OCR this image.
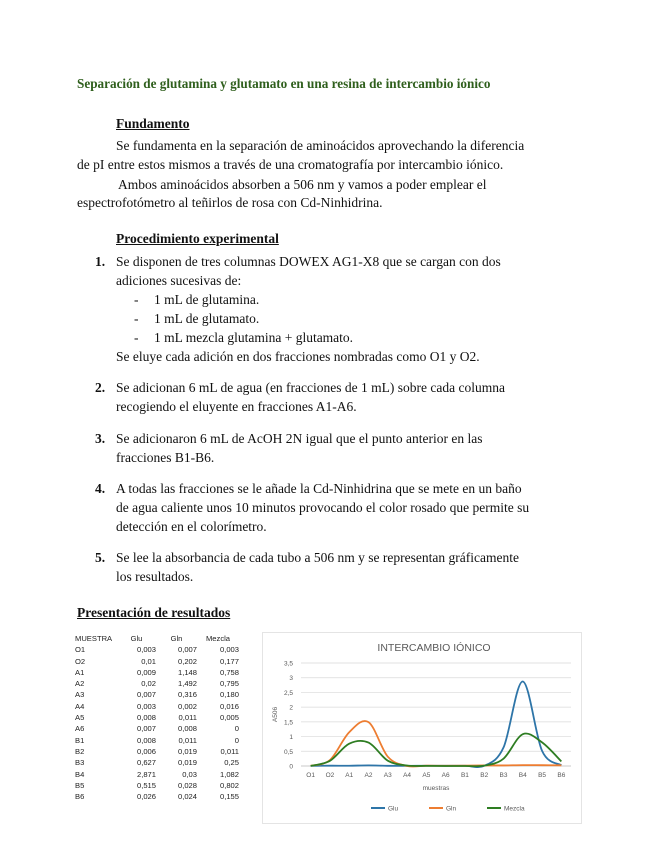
Separación de glutamina y glutamato en una resina de intercambio iónico
Fundamento
Se fundamenta en la separación de aminoácidos aprovechando la diferencia
de pI entre estos mismos a través de una cromatografía por intercambio iónico.
Ambos aminoácidos absorben a 506 nm y vamos a poder emplear el
espectrofotómetro al teñirlos de rosa con Cd-Ninhidrina.
Procedimiento experimental
1. Se disponen de tres columnas DOWEX AG1-X8 que se cargan con dos
adiciones sucesivas de:
- 1 mL de glutamina.
- 1 mL de glutamato.
- 1 mL mezcla glutamina + glutamato.
Se eluye cada adición en dos fracciones nombradas como O1 y O2.
2. Se adicionan 6 mL de agua (en fracciones de 1 mL) sobre cada columna
recogiendo el eluyente en fracciones A1-A6.
3. Se adicionaron 6 mL de AcOH 2N igual que el punto anterior en las
fracciones B1-B6.
4. A todas las fracciones se le añade la Cd-Ninhidrina que se mete en un baño
de agua caliente unos 10 minutos provocando el color rosado que permite su
detección en el colorímetro.
5. Se lee la absorbancia de cada tubo a 506 nm y se representan gráficamente
los resultados.
Presentación de resultados
MUESTRA	Glu	Gln	Mezcla
O1	0,003	0,007	0,003
O2	0,01	0,202	0,177
A1	0,009	1,148	0,758
A2	0,02	1,492	0,795
A3	0,007	0,316	0,180
A4	0,003	0,002	0,016
A5	0,008	0,011	0,005
A6	0,007	0,008	0
B1	0,008	0,011	0
B2	0,006	0,019	0,011
B3	0,627	0,019	0,25
B4	2,871	0,03	1,082
B5	0,515	0,028	0,802
B6	0,026	0,024	0,155
INTERCAMBIO IÓNICO
0
0,5
1
1,5
2
2,5
3
3,5
O1 O2 A1 A2 A3 A4 A5 A6 B1 B2 B3 B4 B5 B6
muestras
A506
Glu	Gln	Mezcla
